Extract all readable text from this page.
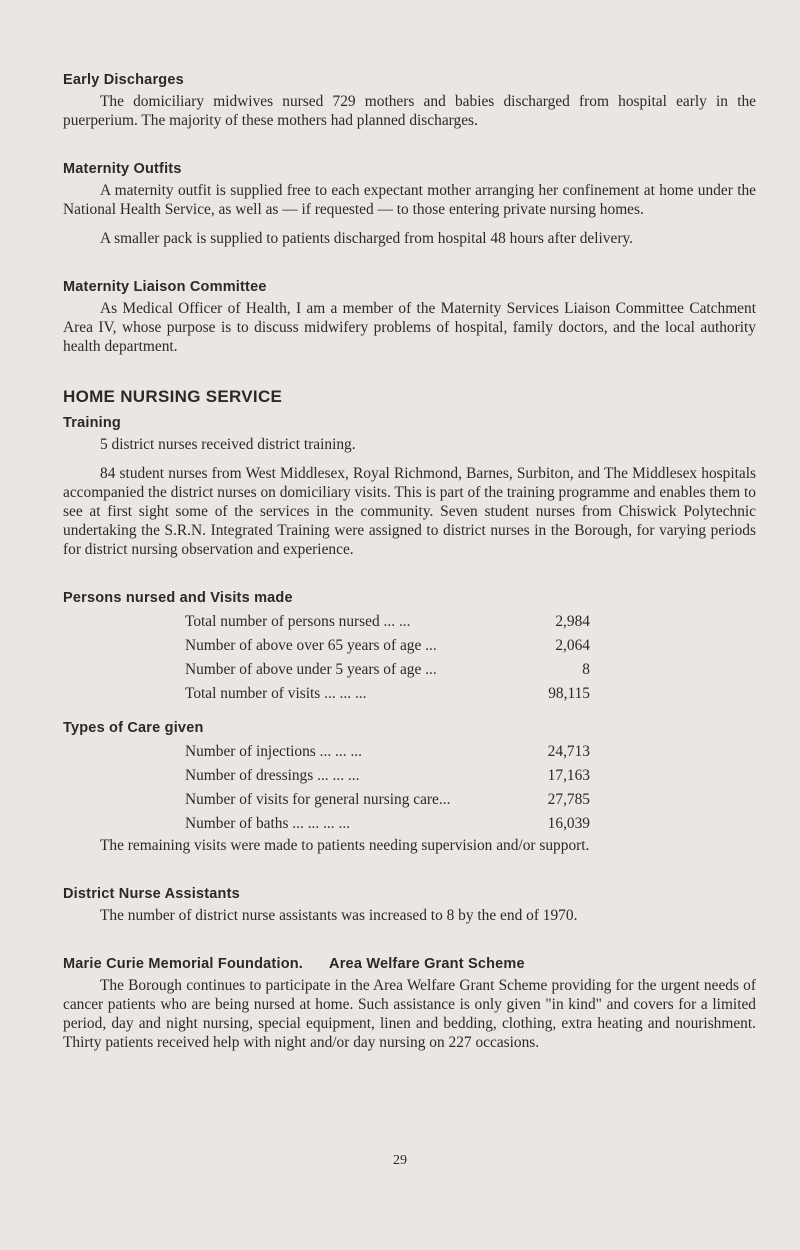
Early Discharges

The domiciliary midwives nursed 729 mothers and babies discharged from hospital early in the puerperium. The majority of these mothers had planned discharges.

Maternity Outfits

A maternity outfit is supplied free to each expectant mother arranging her confinement at home under the National Health Service, as well as — if requested — to those entering private nursing homes.

A smaller pack is supplied to patients discharged from hospital 48 hours after delivery.

Maternity Liaison Committee

As Medical Officer of Health, I am a member of the Maternity Services Liaison Committee Catchment Area IV, whose purpose is to discuss midwifery problems of hospital, family doctors, and the local authority health department.

HOME NURSING SERVICE
Training

5 district nurses received district training.

84 student nurses from West Middlesex, Royal Richmond, Barnes, Surbiton, and The Middlesex hospitals accompanied the district nurses on domiciliary visits. This is part of the training programme and enables them to see at first sight some of the services in the community. Seven student nurses from Chiswick Polytechnic undertaking the S.R.N. Integrated Training were assigned to district nurses in the Borough, for varying periods for district nursing observation and experience.

Persons nursed and Visits made
Total number of persons nursed ... ...	2,984
Number of above over 65 years of age ...	2,064
Number of above under 5 years of age ...	8
Total number of visits ... ... ...	98,115
Types of Care given
Number of injections ... ... ...	24,713
Number of dressings ... ... ...	17,163
Number of visits for general nursing care...	27,785
Number of baths ... ... ... ...	16,039

The remaining visits were made to patients needing supervision and/or support.

District Nurse Assistants

The number of district nurse assistants was increased to 8 by the end of 1970.

Marie Curie Memorial Foundation. Area Welfare Grant Scheme

The Borough continues to participate in the Area Welfare Grant Scheme providing for the urgent needs of cancer patients who are being nursed at home. Such assistance is only given "in kind" and covers for a limited period, day and night nursing, special equipment, linen and bedding, clothing, extra heating and nourishment. Thirty patients received help with night and/or day nursing on 227 occasions.

29
